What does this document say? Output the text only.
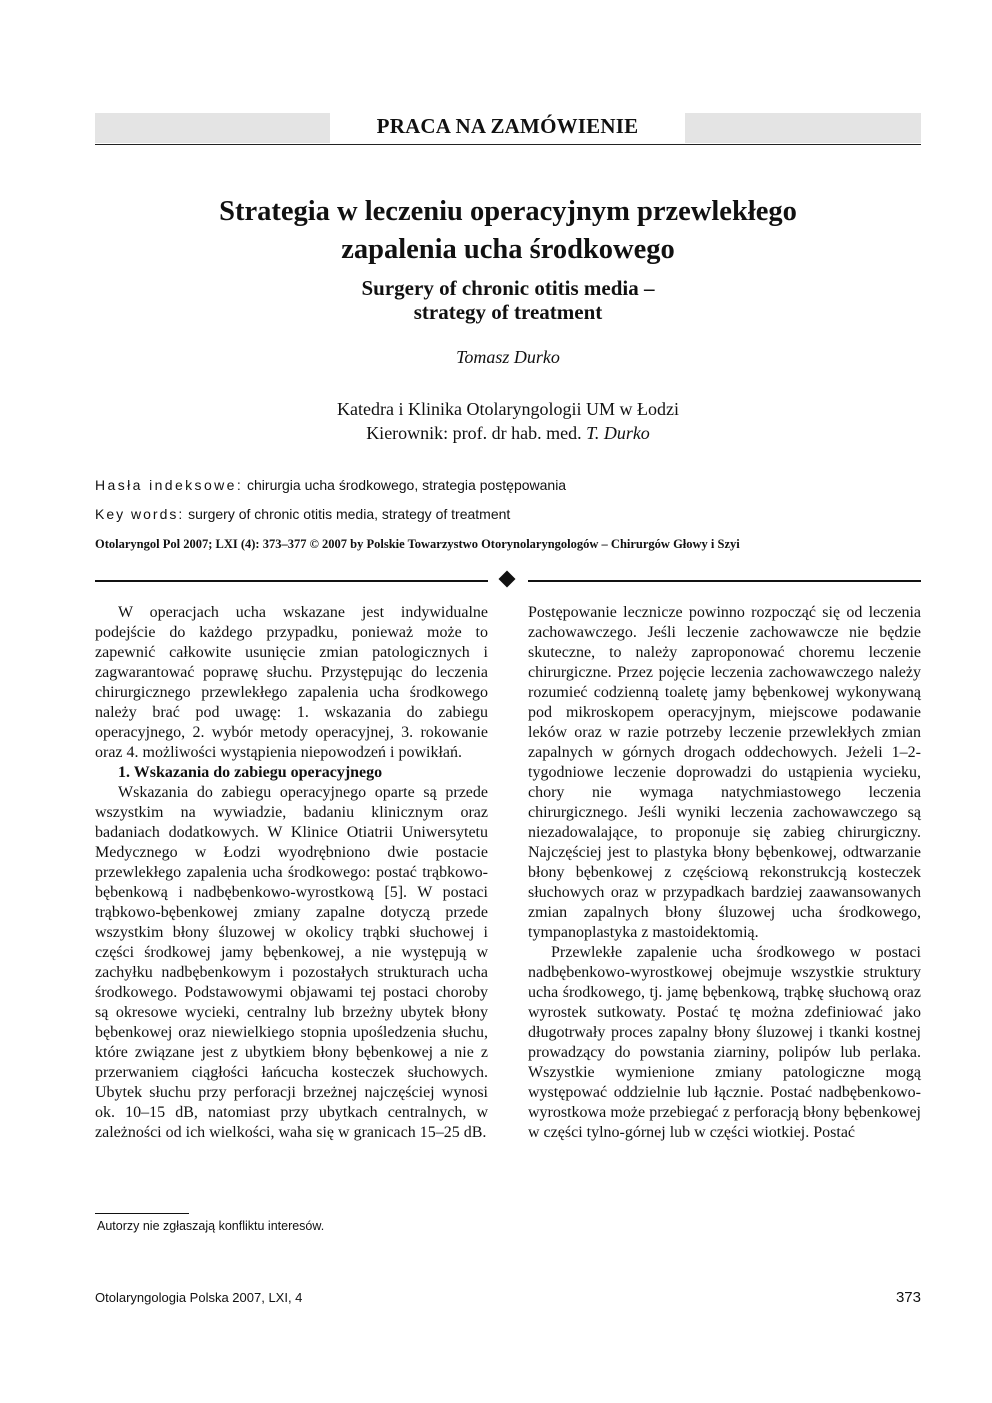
PRACA NA ZAMÓWIENIE
Strategia w leczeniu operacyjnym przewlekłego
zapalenia ucha środkowego
Surgery of chronic otitis media –
strategy of treatment
Tomasz Durko
Katedra i Klinika Otolaryngologii UM w Łodzi
Kierownik: prof. dr hab. med. T. Durko
Hasła indeksowe: chirurgia ucha środkowego, strategia postępowania
Key words: surgery of chronic otitis media, strategy of treatment
Otolaryngol Pol 2007; LXI (4): 373–377 © 2007 by Polskie Towarzystwo Otorynolaryngologów – Chirurgów Głowy i Szyi

W operacjach ucha wskazane jest indywidualne podejście do każdego przypadku, ponieważ może to zapewnić całkowite usunięcie zmian patologicznych i zagwarantować poprawę słuchu. Przystępując do leczenia chirurgicznego przewlekłego zapalenia ucha środkowego należy brać pod uwagę: 1. wskazania do zabiegu operacyjnego, 2. wybór metody operacyjnej, 3. rokowanie oraz 4. możliwości wystąpienia niepowodzeń i powikłań.

1. Wskazania do zabiegu operacyjnego

Wskazania do zabiegu operacyjnego oparte są przede wszystkim na wywiadzie, badaniu klinicznym oraz badaniach dodatkowych. W Klinice Otiatrii Uniwersytetu Medycznego w Łodzi wyodrębniono dwie postacie przewlekłego zapalenia ucha środkowego: postać trąbkowo-bębenkową i nadbębenkowo-wyrostkową [5]. W postaci trąbkowo-bębenkowej zmiany zapalne dotyczą przede wszystkim błony śluzowej w okolicy trąbki słuchowej i części środkowej jamy bębenkowej, a nie występują w zachyłku nadbębenkowym i pozostałych strukturach ucha środkowego. Podstawowymi objawami tej postaci choroby są okresowe wycieki, centralny lub brzeżny ubytek błony bębenkowej oraz niewielkiego stopnia upośledzenia słuchu, które związane jest z ubytkiem błony bębenkowej a nie z przerwaniem ciągłości łańcucha kosteczek słuchowych. Ubytek słuchu przy perforacji brzeżnej najczęściej wynosi ok. 10–15 dB, natomiast przy ubytkach centralnych, w zależności od ich wielkości, waha się w granicach 15–25 dB.

Postępowanie lecznicze powinno rozpocząć się od leczenia zachowawczego. Jeśli leczenie zachowawcze nie będzie skuteczne, to należy zaproponować choremu leczenie chirurgiczne. Przez pojęcie leczenia zachowawczego należy rozumieć codzienną toaletę jamy bębenkowej wykonywaną pod mikroskopem operacyjnym, miejscowe podawanie leków oraz w razie potrzeby leczenie przewlekłych zmian zapalnych w górnych drogach oddechowych. Jeżeli 1–2-tygodniowe leczenie doprowadzi do ustąpienia wycieku, chory nie wymaga natychmiastowego leczenia chirurgicznego. Jeśli wyniki leczenia zachowawczego są niezadowalające, to proponuje się zabieg chirurgiczny. Najczęściej jest to plastyka błony bębenkowej, odtwarzanie błony bębenkowej z częściową rekonstrukcją kosteczek słuchowych oraz w przypadkach bardziej zaawansowanych zmian zapalnych błony śluzowej ucha środkowego, tympanoplastyka z mastoidektomią.

Przewlekłe zapalenie ucha środkowego w postaci nadbębenkowo-wyrostkowej obejmuje wszystkie struktury ucha środkowego, tj. jamę bębenkową, trąbkę słuchową oraz wyrostek sutkowaty. Postać tę można zdefiniować jako długotrwały proces zapalny błony śluzowej i tkanki kostnej prowadzący do powstania ziarniny, polipów lub perlaka. Wszystkie wymienione zmiany patologiczne mogą występować oddzielnie lub łącznie. Postać nadbębenkowo-wyrostkowa może przebiegać z perforacją błony bębenkowej w części tylno-górnej lub w części wiotkiej. Postać

Autorzy nie zgłaszają konfliktu interesów.
Otolaryngologia Polska 2007, LXI, 4	373
